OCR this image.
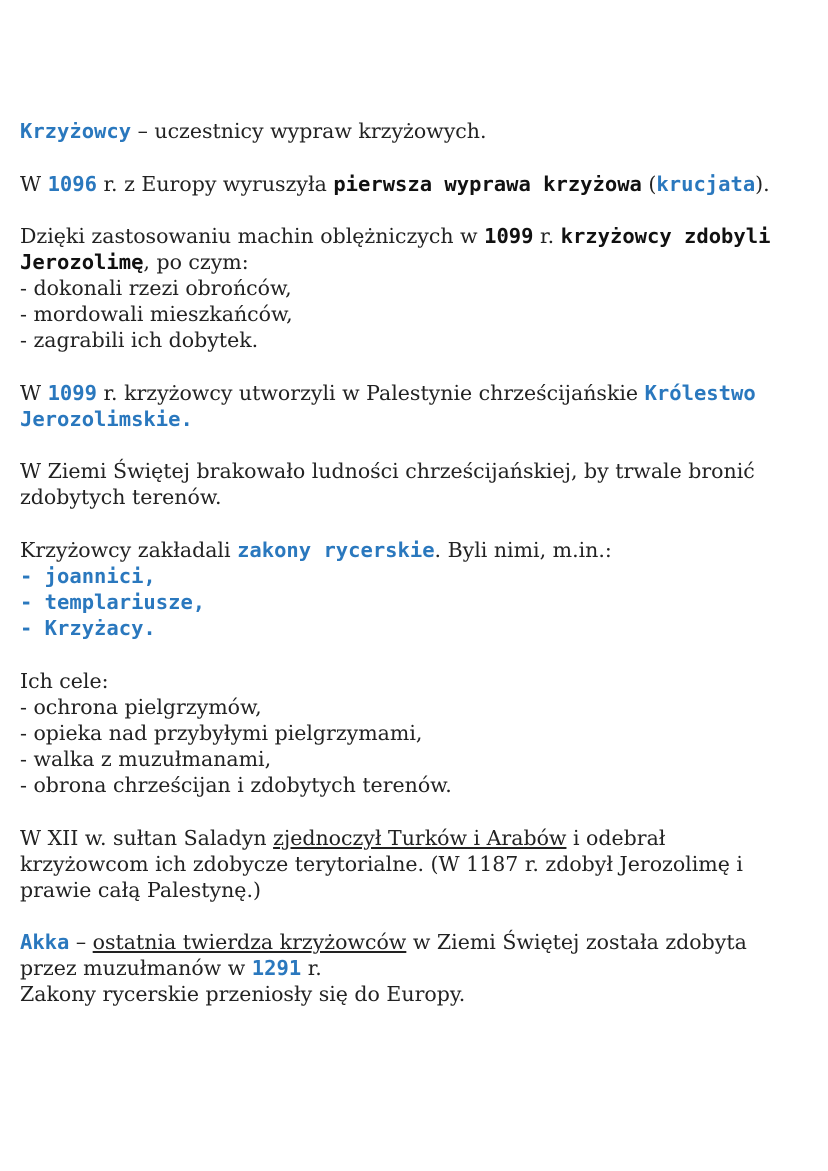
Krzyżowcy – uczestnicy wypraw krzyżowych.
W 1096 r. z Europy wyruszyła pierwsza wyprawa krzyżowa (krucjata).
Dzięki zastosowaniu machin oblężniczych w 1099 r. krzyżowcy zdobyli
Jerozolimę, po czym:
- dokonali rzezi obrońców,
- mordowali mieszkańców,
- zagrabili ich dobytek.
W 1099 r. krzyżowcy utworzyli w Palestynie chrześcijańskie Królestwo
Jerozolimskie.
W Ziemi Świętej brakowało ludności chrześcijańskiej, by trwale bronić
zdobytych terenów.
Krzyżowcy zakładali zakony rycerskie. Byli nimi, m.in.:
- joannici,
- templariusze,
- Krzyżacy.
Ich cele:
- ochrona pielgrzymów,
- opieka nad przybyłymi pielgrzymami,
- walka z muzułmanami,
- obrona chrześcijan i zdobytych terenów.
W XII w. sułtan Saladyn zjednoczył Turków i Arabów i odebrał
krzyżowcom ich zdobycze terytorialne. (W 1187 r. zdobył Jerozolimę i
prawie całą Palestynę.)
Akka – ostatnia twierdza krzyżowców w Ziemi Świętej została zdobyta
przez muzułmanów w 1291 r.
Zakony rycerskie przeniosły się do Europy.
